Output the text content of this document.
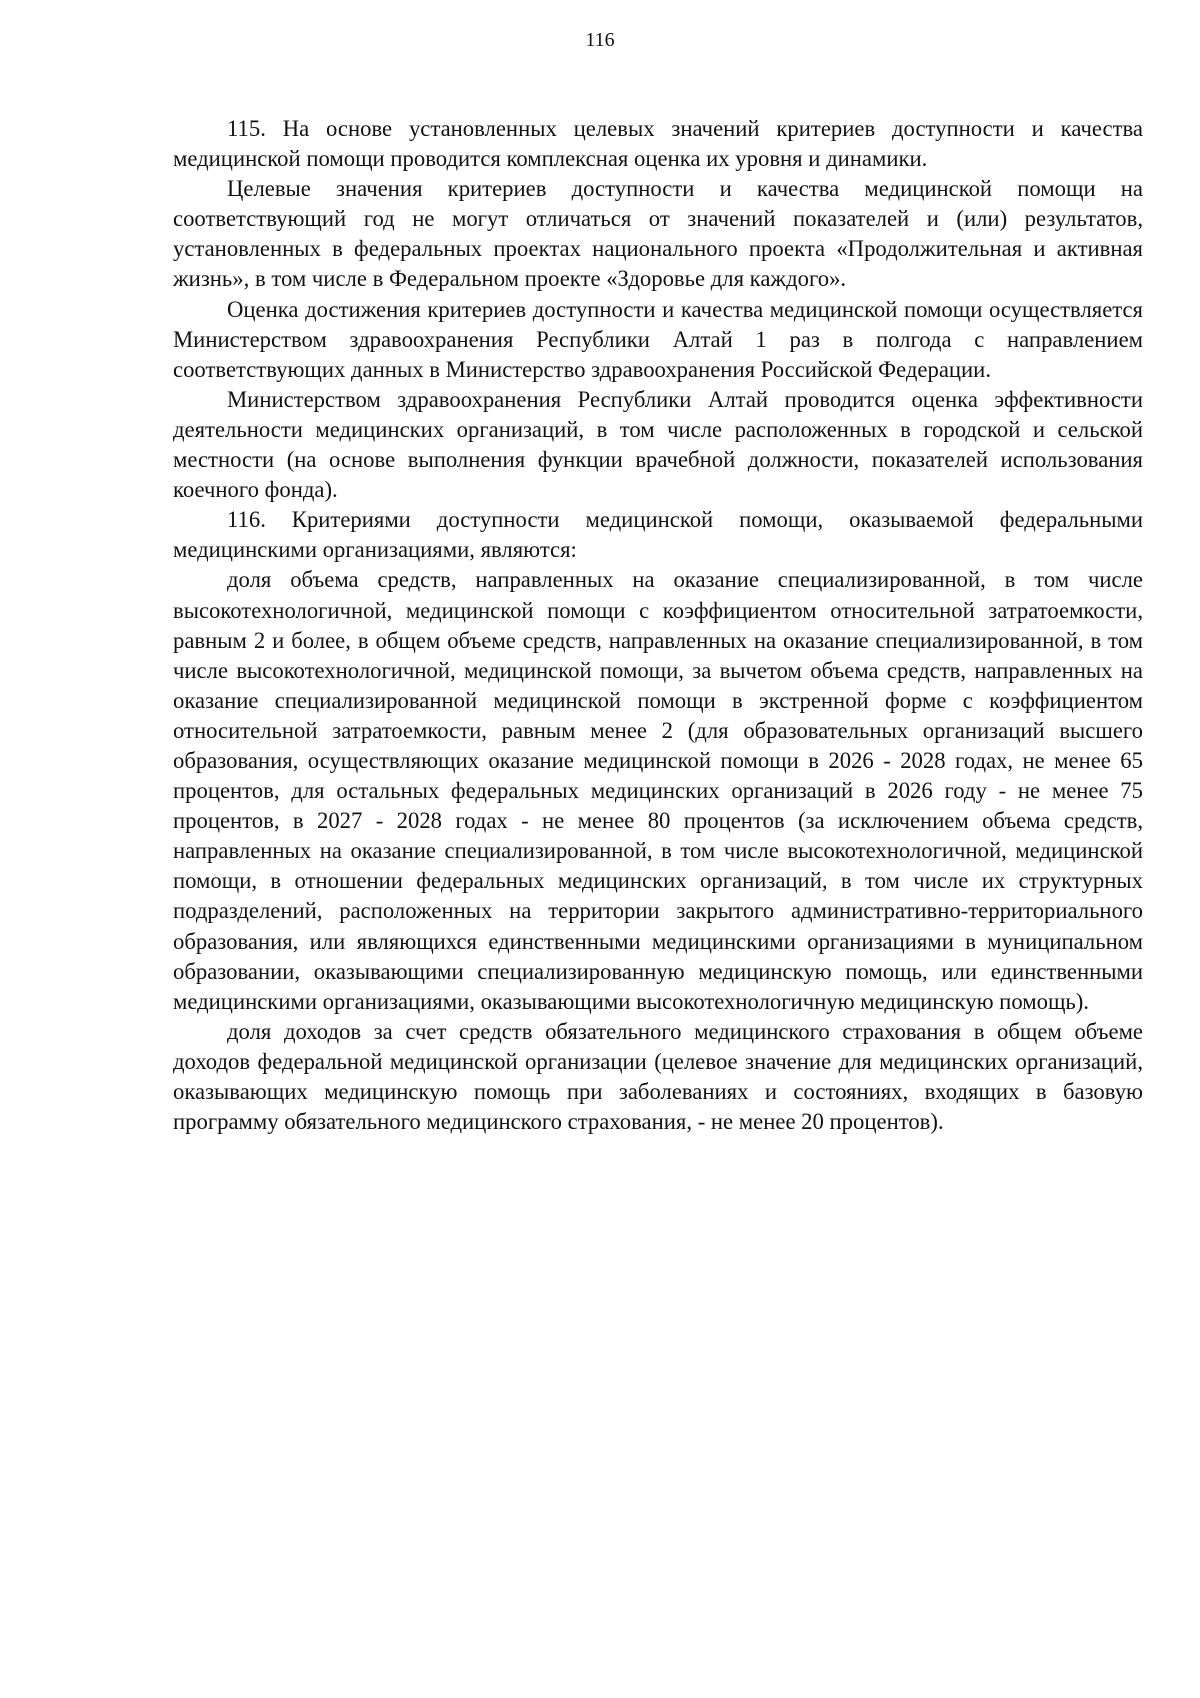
116

115. На основе установленных целевых значений критериев доступности и качества медицинской помощи проводится комплексная оценка их уровня и динамики.

Целевые значения критериев доступности и качества медицинской помощи на соответствующий год не могут отличаться от значений показателей и (или) результатов, установленных в федеральных проектах национального проекта «Продолжительная и активная жизнь», в том числе в Федеральном проекте «Здоровье для каждого».

Оценка достижения критериев доступности и качества медицинской помощи осуществляется Министерством здравоохранения Республики Алтай 1 раз в полгода с направлением соответствующих данных в Министерство здравоохранения Российской Федерации.

Министерством здравоохранения Республики Алтай проводится оценка эффективности деятельности медицинских организаций, в том числе расположенных в городской и сельской местности (на основе выполнения функции врачебной должности, показателей использования коечного фонда).

116. Критериями доступности медицинской помощи, оказываемой федеральными медицинскими организациями, являются:

доля объема средств, направленных на оказание специализированной, в том числе высокотехнологичной, медицинской помощи с коэффициентом относительной затратоемкости, равным 2 и более, в общем объеме средств, направленных на оказание специализированной, в том числе высокотехнологичной, медицинской помощи, за вычетом объема средств, направленных на оказание специализированной медицинской помощи в экстренной форме с коэффициентом относительной затратоемкости, равным менее 2 (для образовательных организаций высшего образования, осуществляющих оказание медицинской помощи в 2026 - 2028 годах, не менее 65 процентов, для остальных федеральных медицинских организаций в 2026 году - не менее 75 процентов, в 2027 - 2028 годах - не менее 80 процентов (за исключением объема средств, направленных на оказание специализированной, в том числе высокотехнологичной, медицинской помощи, в отношении федеральных медицинских организаций, в том числе их структурных подразделений, расположенных на территории закрытого административно-территориального образования, или являющихся единственными медицинскими организациями в муниципальном образовании, оказывающими специализированную медицинскую помощь, или единственными медицинскими организациями, оказывающими высокотехнологичную медицинскую помощь).

доля доходов за счет средств обязательного медицинского страхования в общем объеме доходов федеральной медицинской организации (целевое значение для медицинских организаций, оказывающих медицинскую помощь при заболеваниях и состояниях, входящих в базовую программу обязательного медицинского страхования, - не менее 20 процентов).
